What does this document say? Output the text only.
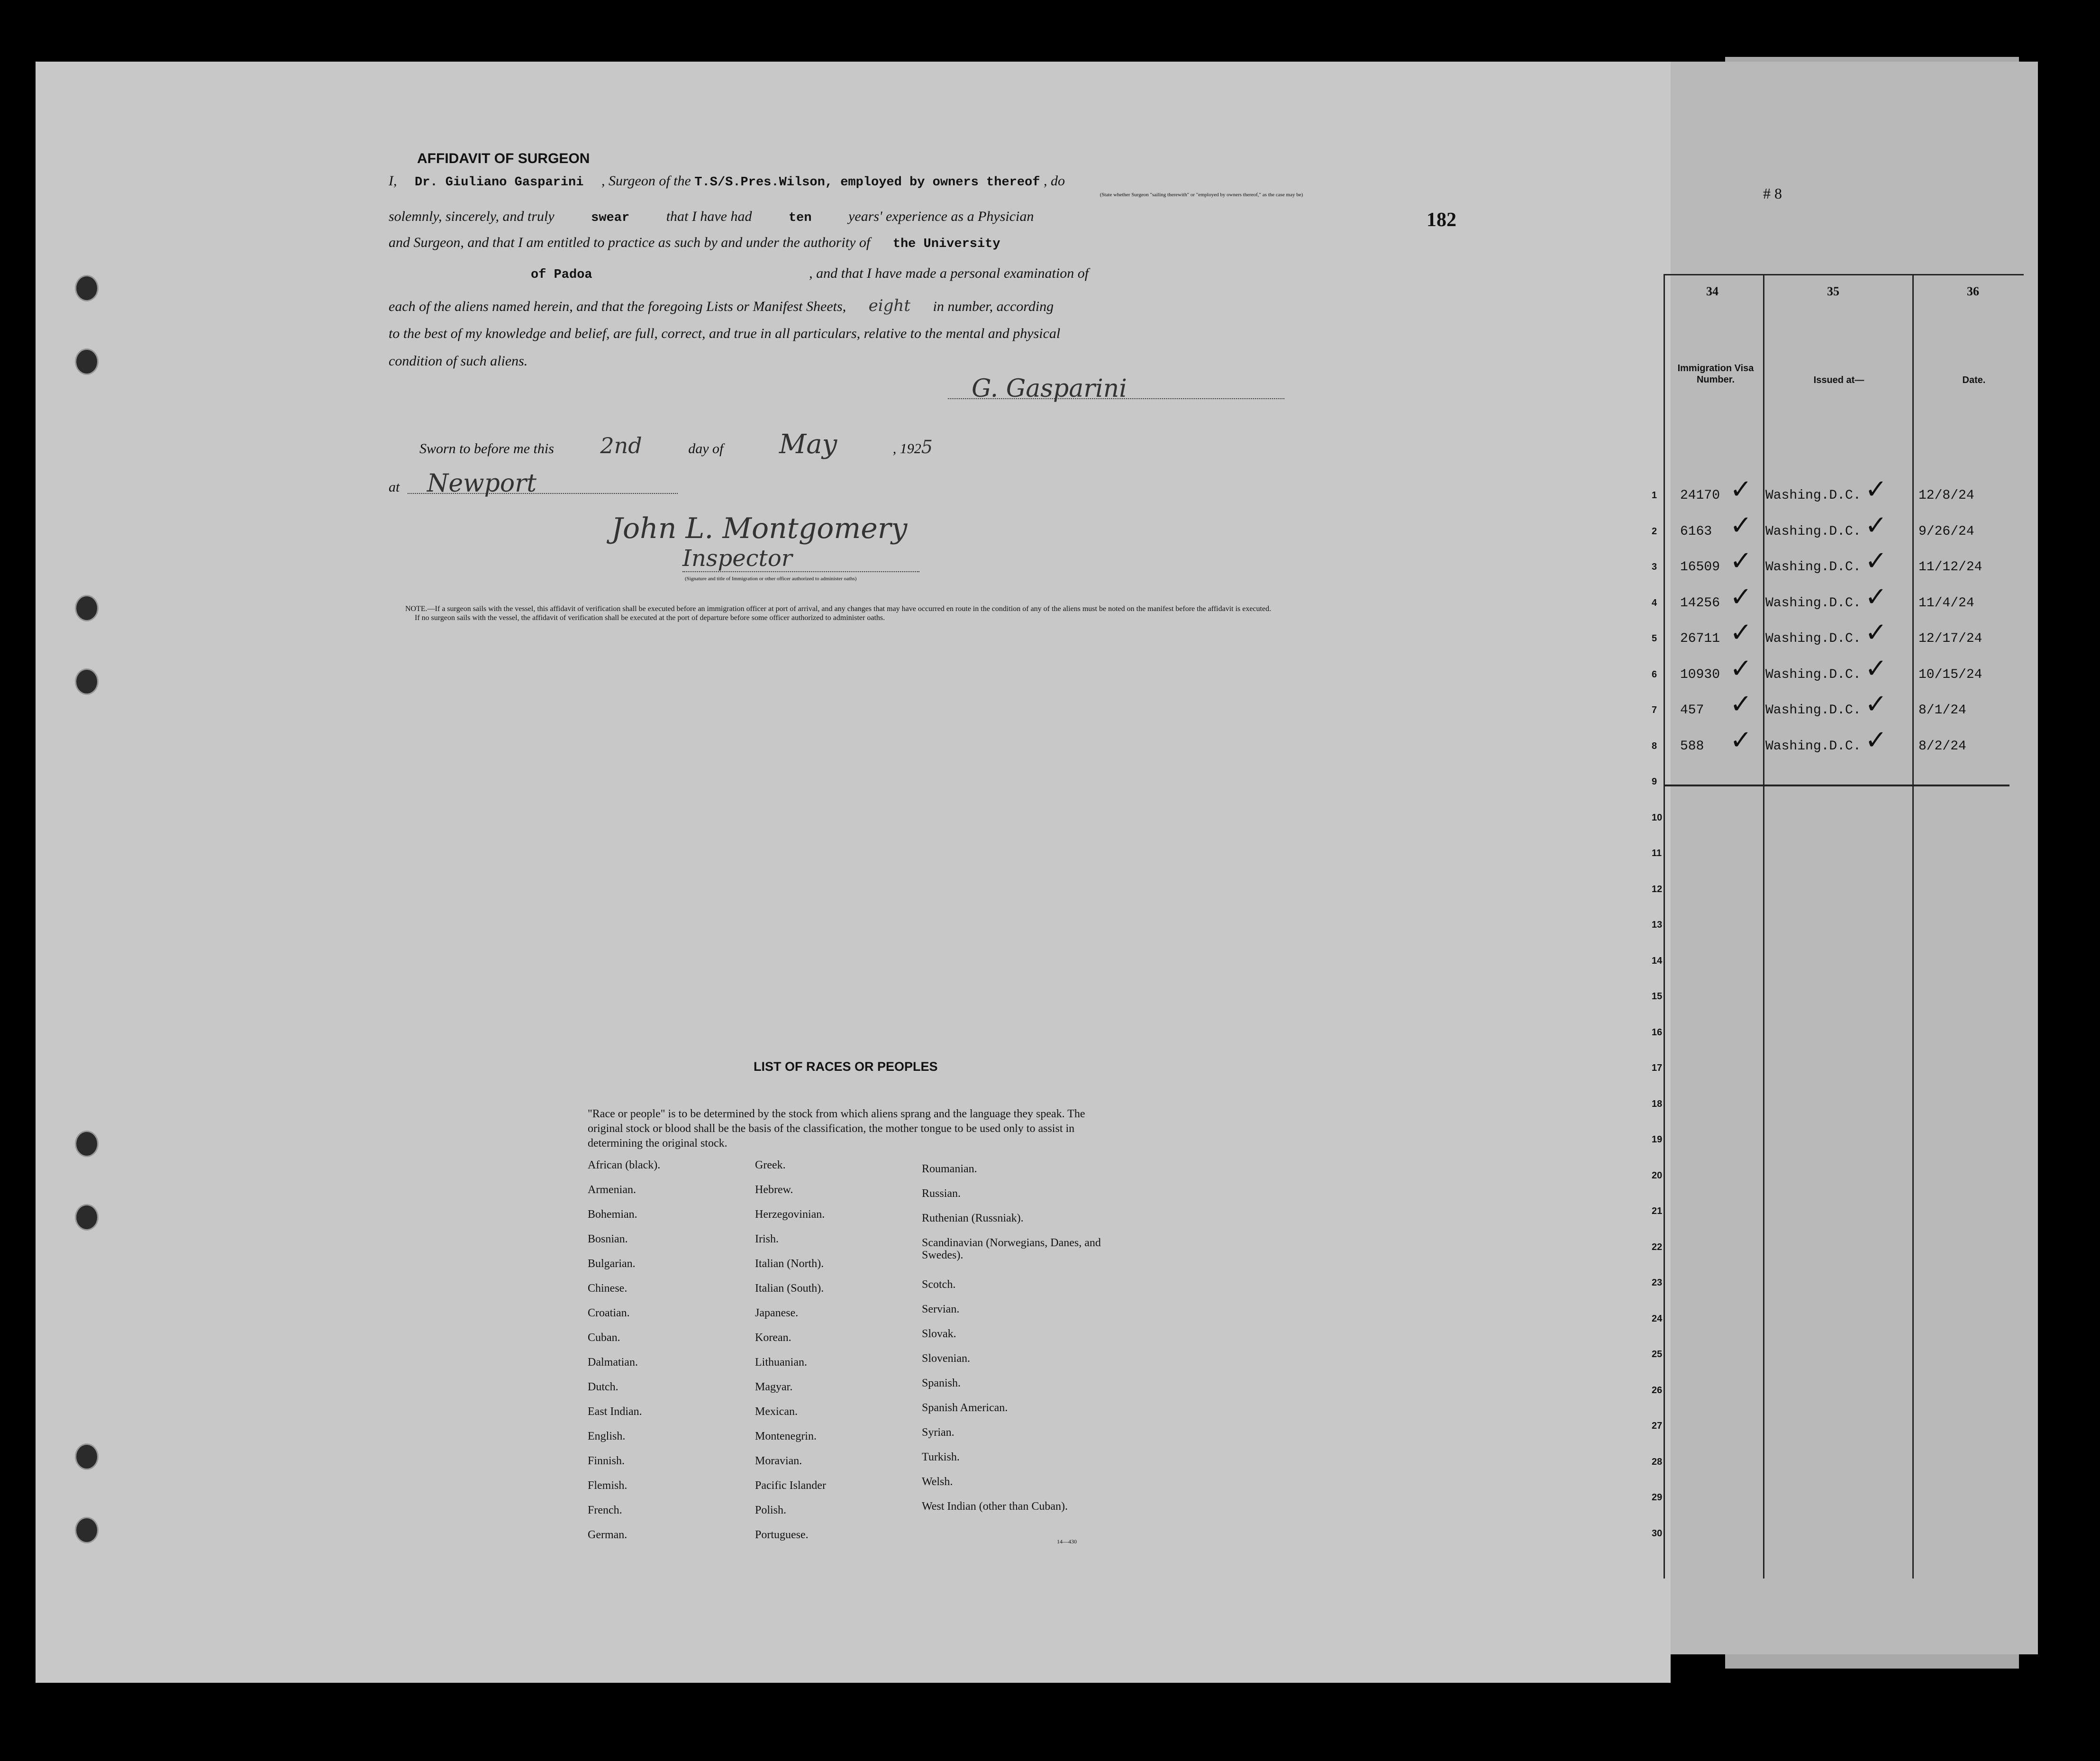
AFFIDAVIT OF SURGEON
I, Dr. Giuliano Gasparini , Surgeon of the T.S/S.Pres.Wilson, employed by owners thereof , do
(State whether Surgeon "sailing therewith" or "employed by owners thereof," as the case may be)
solemnly, sincerely, and truly	swear	that I have had	ten	years' experience as a Physician
and Surgeon, and that I am entitled to practice as such by and under the authority of the University
of Padoa	, and that I have made a personal examination of
each of the aliens named herein, and that the foregoing Lists or Manifest Sheets, eight in number, according
to the best of my knowledge and belief, are full, correct, and true in all particulars, relative to the mental and physical
condition of such aliens.
G. Gasparini
Sworn to before me this 2nd	day of May	, 1925
at Newport
John L. Montgomery
Inspector
(Signature and title of Immigration or other officer authorized to administer oaths)
NOTE.—If a surgeon sails with the vessel, this affidavit of verification shall be executed before an immigration officer at port of arrival, and any changes that may have occurred en route in the condition of any of the aliens must be noted on the manifest before the affidavit is executed.
If no surgeon sails with the vessel, the affidavit of verification shall be executed at the port of departure before some officer authorized to administer oaths.
182
# 8
LIST OF RACES OR PEOPLES
"Race or people" is to be determined by the stock from which aliens sprang and the language they speak. The original stock or blood shall be the basis of the classification, the mother tongue to be used only to assist in determining the original stock.
African (black).
Armenian.
Bohemian.
Bosnian.
Bulgarian.
Chinese.
Croatian.
Cuban.
Dalmatian.
Dutch.
East Indian.
English.
Finnish.
Flemish.
French.
German.
Greek.
Hebrew.
Herzegovinian.
Irish.
Italian (North).
Italian (South).
Japanese.
Korean.
Lithuanian.
Magyar.
Mexican.
Montenegrin.
Moravian.
Pacific Islander
Polish.
Portuguese.
Roumanian.
Russian.
Ruthenian (Russniak).
Scandinavian (Norwegians, Danes, and Swedes).
Scotch.
Servian.
Slovak.
Slovenian.
Spanish.
Spanish American.
Syrian.
Turkish.
Welsh.
West Indian (other than Cuban).
14—430
34	35	36
Immigration Visa Number.	Issued at—	Date.
1 24170	Washing.D.C.	12/8/24
✓	✓
2 6163	Washing.D.C.	9/26/24
✓	✓
3 16509	Washing.D.C.	11/12/24
✓	✓
4 14256	Washing.D.C.	11/4/24
✓	✓
5 26711	Washing.D.C.	12/17/24
✓	✓
6 10930	Washing.D.C.	10/15/24
✓	✓
7 457	Washing.D.C.	8/1/24
✓	✓
8 588	Washing.D.C.	8/2/24
✓	✓
9
10
11
12
13
14
15
16
17
18
19
20
21
22
23
24
25
26
27
28
29
30
